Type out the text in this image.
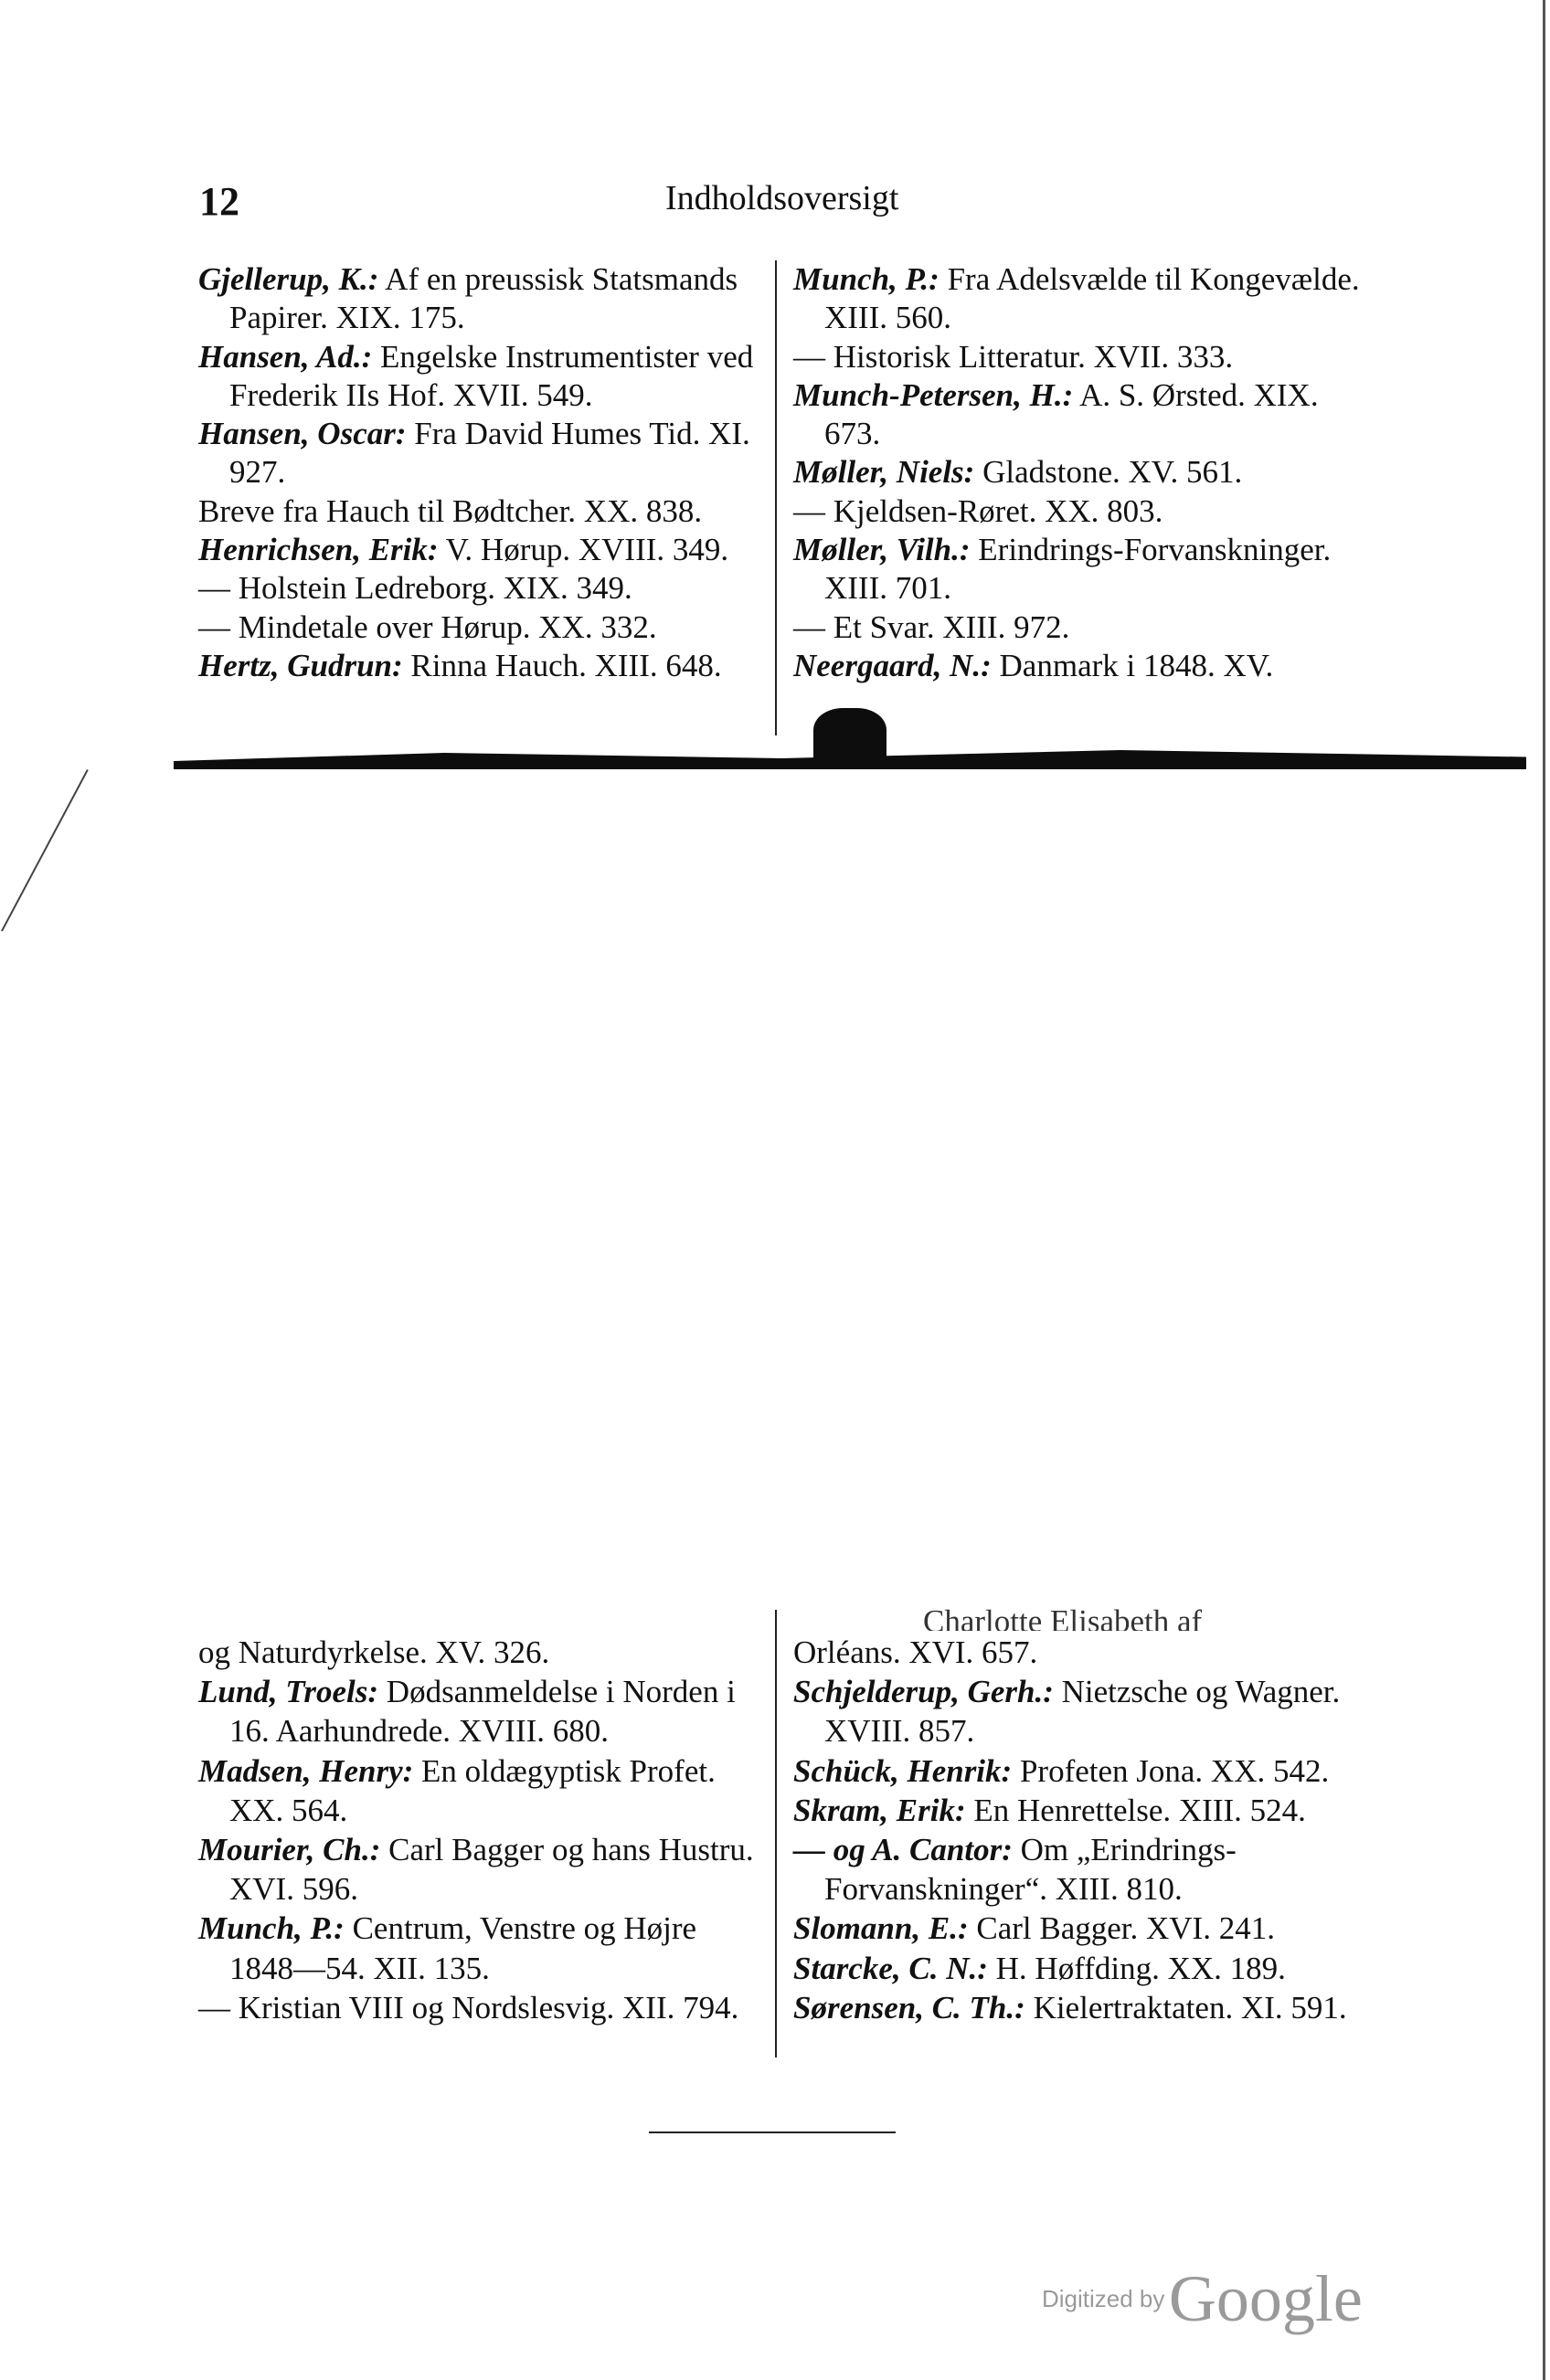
12	Indholdsoversigt

Gjellerup, K.: Af en preussisk Statsmands Papirer. XIX. 175.

Hansen, Ad.: Engelske Instrumentister ved Frederik IIs Hof. XVII. 549.

Hansen, Oscar: Fra David Humes Tid. XI. 927.

Breve fra Hauch til Bødtcher. XX. 838.

Henrichsen, Erik: V. Hørup. XVIII. 349.

— Holstein Ledreborg. XIX. 349.

— Mindetale over Hørup. XX. 332.

Hertz, Gudrun: Rinna Hauch. XIII. 648.

Munch, P.: Fra Adelsvælde til Kongevælde. XIII. 560.

— Historisk Litteratur. XVII. 333.

Munch-Petersen, H.: A. S. Ørsted. XIX. 673.

Møller, Niels: Gladstone. XV. 561.

— Kjeldsen-Røret. XX. 803.

Møller, Vilh.: Erindrings-Forvanskninger. XIII. 701.

— Et Svar. XIII. 972.

Neergaard, N.: Danmark i 1848. XV.

Charlotte Elisabeth af

og Naturdyrkelse. XV. 326.

Lund, Troels: Dødsanmeldelse i Norden i 16. Aarhundrede. XVIII. 680.

Madsen, Henry: En oldægyptisk Profet. XX. 564.

Mourier, Ch.: Carl Bagger og hans Hustru. XVI. 596.

Munch, P.: Centrum, Venstre og Højre 1848—54. XII. 135.

— Kristian VIII og Nordslesvig. XII. 794.

Orléans. XVI. 657.

Schjelderup, Gerh.: Nietzsche og Wagner. XVIII. 857.

Schück, Henrik: Profeten Jona. XX. 542.

Skram, Erik: En Henrettelse. XIII. 524.

— og A. Cantor: Om „Erindrings-Forvanskninger“. XIII. 810.

Slomann, E.: Carl Bagger. XVI. 241.

Starcke, C. N.: H. Høffding. XX. 189.

Sørensen, C. Th.: Kielertraktaten. XI. 591.

Digitized by Google
